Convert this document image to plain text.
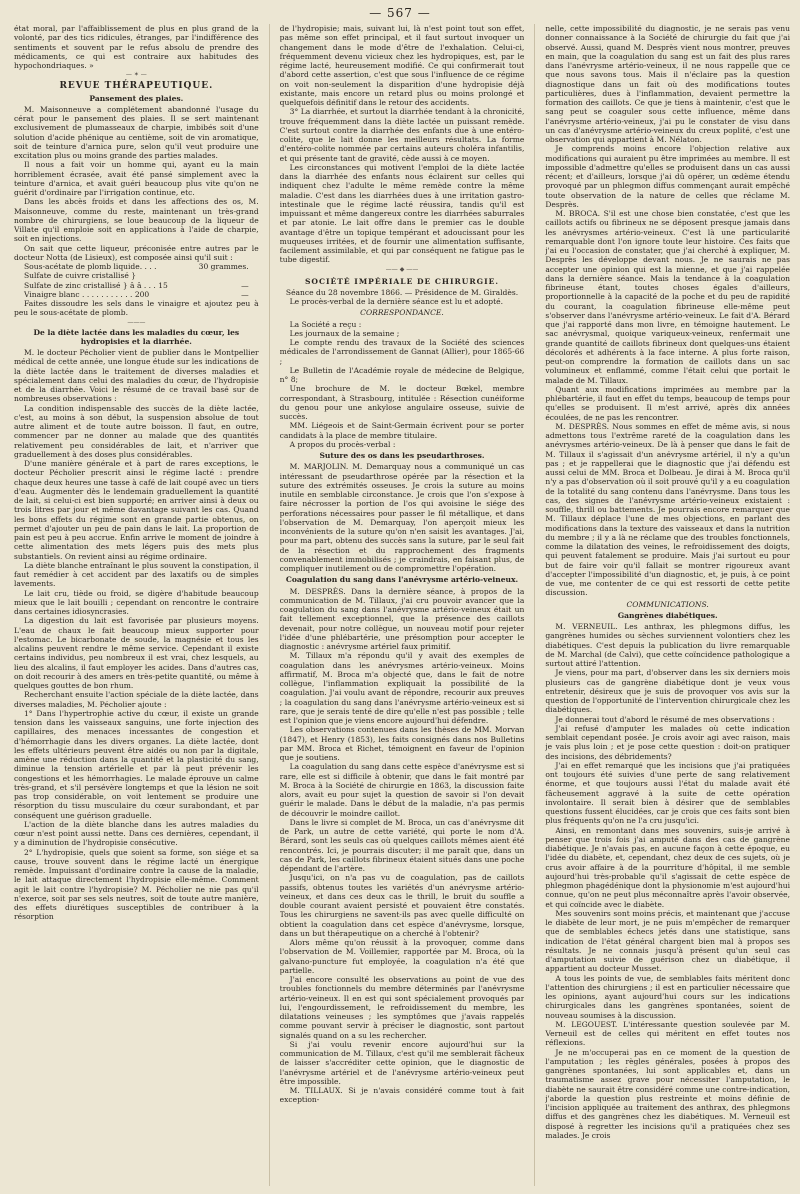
— 567 —

état moral, par l'affaiblissement de plus en plus grand de la volonté, par des tics ridicules, étranges, par l'indifférence des sentiments et souvent par le refus absolu de prendre des médicaments, ce qui est contraire aux habitudes des hypochondriaques. »

— ✶ —
REVUE THÉRAPEUTIQUE.
Pansement des plaies.

M. Maisonneuve a complétement abandonné l'usage du cérat pour le pansement des plaies. Il se sert maintenant exclusivement de plumasseaux de charpie, imbibés soit d'une solution d'acide phénique au centième, soit de vin aromatique, soit de teinture d'arnica pure, selon qu'il veut produire une excitation plus ou moins grande des parties malades.

Il nous a fait voir un homme qui, ayant eu la main horriblement écrasée, avait été pansé simplement avec la teinture d'arnica, et avait guéri beaucoup plus vite qu'on ne guérit d'ordinaire par l'irrigation continue, etc.

Dans les abcès froids et dans les affections des os, M. Maisonneuve, comme du reste, maintenant un très-grand nombre de chirurgiens, se loue beaucoup de la liqueur de Villate qu'il emploie soit en applications à l'aide de charpie, soit en injections.

On sait que cette liqueur, préconisée entre autres par le docteur Notta (de Lisieux), est composée ainsi qu'il suit :

Sous-acétate de plomb liquide. . . .	30 grammes.
Sulfate de cuivre cristallisé }
Sulfate de zinc cristallisé } â â . . . 15	—
Vinaigre blanc . . . . . . . . . . . 200	—

Faites dissoudre les sels dans le vinaigre et ajoutez peu à peu le sous-acétate de plomb.

———
De la diète lactée dans les maladies du cœur, les hydropisies et la diarrhée.

M. le docteur Pécholier vient de publier dans le Montpellier médical de cette année, une longue étude sur les indications de la diète lactée dans le traitement de diverses maladies et spécialement dans celui des maladies du cœur, de l'hydropisie et de la diarrhée. Voici le résumé de ce travail basé sur de nombreuses observations :

La condition indispensable des succès de la diète lactée, c'est, au moins à son début, la suspension absolue de tout autre aliment et de toute autre boisson. Il faut, en outre, commencer par ne donner au malade que des quantités relativement peu considérables de lait, et n'arriver que graduellement à des doses plus considérables.

D'une manière générale et à part de rares exceptions, le docteur Pécholier prescrit ainsi le régime lacté : prendre chaque deux heures une tasse à café de lait coupé avec un tiers d'eau. Augmenter dès le lendemain graduellement la quantité de lait, si celui-ci est bien supporté; en arriver ainsi à deux ou trois litres par jour et même davantage suivant les cas. Quand les bons effets du régime sont en grande partie obtenus, on permet d'ajouter un peu de pain dans le lait. La proportion de pain est peu à peu accrue. Enfin arrive le moment de joindre à cette alimentation des mets légers puis des mets plus substantiels. On revient ainsi au régime ordinaire.

La diète blanche entraînant le plus souvent la constipation, il faut remédier à cet accident par des laxatifs ou de simples lavements.

Le lait cru, tiède ou froid, se digère d'habitude beaucoup mieux que le lait bouilli ; cependant on rencontre le contraire dans certaines idiosyncrasies.

La digestion du lait est favorisée par plusieurs moyens. L'eau de chaux le fait beaucoup mieux supporter pour l'estomac. Le bicarbonate de soude, la magnésie et tous les alcalins peuvent rendre le même service. Cependant il existe certains individus, peu nombreux il est vrai, chez lesquels, au lieu des alcalins, il faut employer les acides. Dans d'autres cas, on doit recourir à des amers en très-petite quantité, ou même à quelques gouttes de bon rhum.

Recherchant ensuite l'action spéciale de la diète lactée, dans diverses maladies, M. Pécholier ajoute :

1° Dans l'hypertrophie active du cœur, il existe un grande tension dans les vaisseaux sanguins, une forte injection des capillaires, des menaces incessantes de congestion et d'hémorrhagie dans les divers organes. La diète lactée, dont les effets ultérieurs peuvent être aidés ou non par la digitale, amène une réduction dans la quantité et la plasticité du sang, diminue la tension artérielle et par là peut prévenir les congestions et les hémorrhagies. Le malade éprouve un calme très-grand, et s'il persévère longtemps et que la lésion ne soit pas trop considérable, on voit lentement se produire une résorption du tissu musculaire du cœur surabondant, et par conséquent une guérison graduelle.

L'action de la diète blanche dans les autres maladies du cœur n'est point aussi nette. Dans ces dernières, cependant, il y a diminution de l'hydropisie consécutive.

2° L'hydropisie, quels que soient sa forme, son siége et sa cause, trouve souvent dans le régime lacté un énergique remède. Impuissant d'ordinaire contre la cause de la maladie, le lait attaque directement l'hydropisie elle-même. Comment agit le lait contre l'hydropisie? M. Pécholier ne nie pas qu'il n'exerce, soit par ses sels neutres, soit de toute autre manière, des effets diurétiques susceptibles de contribuer à la résorption

de l'hydropisie; mais, suivant lui, là n'est point tout son effet, pas même son effet principal, et il faut surtout invoquer un changement dans le mode d'être de l'exhalation. Celui-ci, fréquemment devenu vicieux chez les hydropiques, est, par le régime lacté, heureusement modifié. Ce qui confirmerait tout d'abord cette assertion, c'est que sous l'influence de ce régime on voit non-seulement la disparition d'une hydropisie déjà existante, mais encore un retard plus ou moins prolongé et quelquefois définitif dans le retour des accidents.

3° La diarrhée, et surtout la diarrhée tendant à la chronicité, trouve fréquemment dans la diète lactée un puissant remède. C'est surtout contre la diarrhée des enfants due à une entéro-colite, que le lait donne les meilleurs résultats. La forme d'entéro-colite nommée par certains auteurs choléra infantilis, et qui présente tant de gravité, cède aussi à ce moyen.

Les circonstances qui motivent l'emploi de la diète lactée dans la diarrhée des enfants nous éclairent sur celles qui indiquent chez l'adulte le même remède contre la même maladie. C'est dans les diarrhées dues à une irritation gastro-intestinale que le régime lacté réussira, tandis qu'il est impuissant et même dangereux contre les diarrhées saburrales et par atonie. Le lait offre dans le premier cas le double avantage d'être un topique tempérant et adoucissant pour les muqueuses irritées, et de fournir une alimentation suffisante, facilement assimilable, et qui par conséquent ne fatigue pas le tube digestif.

—— ◆ ——
SOCIÉTÉ IMPÉRIALE DE CHIRURGIE.

Séance du 28 novembre 1866. — Présidence de M. Giraldès.

Le procès-verbal de la dernière séance est lu et adopté.

CORRESPONDANCE.

La Société a reçu :

Les journaux de la semaine ;

Le compte rendu des travaux de la Société des sciences médicales de l'arrondissement de Gannat (Allier), pour 1865-66 ;

Le Bulletin de l'Académie royale de médecine de Belgique, n° 8;

Une brochure de M. le docteur Bœkel, membre correspondant, à Strasbourg, intitulée : Résection cunéiforme du genou pour une ankylose angulaire osseuse, suivie de succès.

MM. Liégeois et de Saint-Germain écrivent pour se porter candidats à la place de membre titulaire.

A propos du procès-verbal :

Suture des os dans les pseudarthroses.

M. MARJOLIN. M. Demarquay nous a communiqué un cas intéressant de pseudarthrose opérée par la résection et la suture des extrémités osseuses. Je crois la suture au moins inutile en semblable circonstance. Je crois que l'on s'expose à faire nécrosser la portion de l'os qui avoisine le siége des perforations nécessaires pour passer le fil métallique, et dans l'observation de M. Demarquay, l'on aperçoit mieux les inconvénients de la suture qu'on n'en saisit les avantages. J'ai, pour ma part, obtenu des succès sans la suture, par le seul fait de la résection et du rapprochement des fragments convenablement immobilisés ; je craindrais, en faisant plus, de compliquer inutilement ou de compromettre l'opération.

Coagulation du sang dans l'anévrysme artério-veineux.

M. DESPRÈS. Dans la dernière séance, à propos de la communication de M. Tillaux, j'ai cru pouvoir avancer que la coagulation du sang dans l'anévrysme artério-veineux était un fait tellement exceptionnel, que la présence des caillots devenait, pour notre collègue, un nouveau motif pour rejeter l'idée d'une phlébartérie, une présomption pour accepter le diagnostic : anévrysme artériel faux primitif.

M. Tillaux m'a répondu qu'il y avait des exemples de coagulation dans les anévrysmes artério-veineux. Moins affirmatif, M. Broca m'a objecté que, dans le fait de notre collègue, l'inflammation expliquait la possibilité de la coagulation. J'ai voulu avant de répondre, recourir aux preuves ; la coagulation du sang dans l'anévrysme artério-veineux est si rare, que je serais tenté de dire qu'elle n'est pas possible ; telle est l'opinion que je viens encore aujourd'hui défendre.

Les observations contenues dans les thèses de MM. Morvan (1847), et Henry (1853), les faits consignés dans nos Bulletins par MM. Broca et Richet, témoignent en faveur de l'opinion que je soutiens.

La coagulation du sang dans cette espèce d'anévrysme est si rare, elle est si difficile à obtenir, que dans le fait montré par M. Broca à la Société de chirurgie en 1863, la discussion faite alors, avait eu pour sujet la question de savoir si l'on devait guérir le malade. Dans le début de la maladie, n'a pas permis de découvrir le moindre caillot.

Dans le livre si complet de M. Broca, un cas d'anévrysme dit de Park, un autre de cette variété, qui porte le nom d'A. Bérard, sont les seuls cas où quelques caillots mêmes aient été rencontrés. Ici, je pourrais discuter; il me paraît que, dans un cas de Park, les caillots fibrineux étaient situés dans une poche dépendant de l'artère.

Jusqu'ici, on n'a pas vu de coagulation, pas de caillots passifs, obtenus toutes les variétés d'un anévrysme artério-veineux, et dans ces deux cas le thrill, le bruit du souffle a double courant avaient persisté et pouvaient être constatés. Tous les chirurgiens ne savent-ils pas avec quelle difficulté on obtient la coagulation dans cet espèce d'anévrysme, lorsque, dans un but thérapeutique on a cherché à l'obtenir?

Alors même qu'on réussit à la provoquer, comme dans l'observation de M. Voillemier, rapportée par M. Broca, où la galvano-puncture fut employée, la coagulation n'a été que partielle.

J'ai encore consulté les observations au point de vue des troubles fonctionnels du membre déterminés par l'anévrysme artério-veineux. Il en est qui sont spécialement provoqués par lui, l'engourdissement, le refroidissement du membre, les dilatations veineuses ; les symptômes que j'avais rappelés comme pouvant servir à préciser le diagnostic, sont partout signalés quand on a su les rechercher.

Si j'ai voulu revenir encore aujourd'hui sur la communication de M. Tillaux, c'est qu'il me semblerait fâcheux de laisser s'accréditer cette opinion, que le diagnostic de l'anévrysme artériel et de l'anévrysme artério-veineux peut être impossible.

M. TILLAUX. Si je n'avais considéré comme tout à fait exception-

nelle, cette impossibilité du diagnostic, je ne serais pas venu donner connaissance à la Société de chirurgie du fait que j'ai observé. Aussi, quand M. Desprès vient nous montrer, preuves en main, que la coagulation du sang est un fait des plus rares dans l'anévrysme artério-veineux, il ne nous rappelle que ce que nous savons tous. Mais il n'éclaire pas la question diagnostique dans un fait où des modifications toutes particulières, dues à l'inflammation, devaient permettre la formation des caillots. Ce que je tiens à maintenir, c'est que le sang peut se coaguler sous cette influence, même dans l'anévrysme artério-veineux, j'ai pu le constater de visu dans un cas d'anévrysme artério-veineux du creux poplité, c'est une observation qui appartient à M. Nélaton.

Je comprends moins encore l'objection relative aux modifications qui auraient pu être imprimées au membre. Il est impossible d'admettre qu'elles se produisent dans un cas aussi récent; et d'ailleurs, lorsque j'ai dû opérer, un œdème étendu provoqué par un phlegmon diffus commençant aurait empêché toute observation de la nature de celles que réclame M. Desprès.

M. BROCA. S'il est une chose bien constatée, c'est que les caillots actifs ou fibrineux ne se déposent presque jamais dans les anévrysmes artério-veineux. C'est là une particularité remarquable dont l'on ignore toute leur histoire. Ces faits que j'ai eu l'occasion de constater, que j'ai cherché à expliquer, M. Desprès les développe devant nous. Je ne saurais ne pas accepter une opinion qui est la mienne, et que j'ai rappelée dans la dernière séance. Mais la tendance à la coagulation fibrineuse étant, toutes choses égales d'ailleurs, proportionnelle à la capacité de la poche et du peu de rapidité du courant, la coagulation fibrineuse elle-même peut s'observer dans l'anévrysme artério-veineux. Le fait d'A. Bérard que j'ai rapporté dans mon livre, en témoigne hautement. Le sac anévrysmal, quoique variqueux-veineux, renfermait une grande quantité de caillots fibrineux dont quelques-uns étaient décolorés et adhérents à la face interne. A plus forte raison, peut-on comprendre la formation de caillots dans un sac volumineux et enflammé, comme l'était celui que portait le malade de M. Tillaux.

Quant aux modifications imprimées au membre par la phlébartérie, il faut en effet du temps, beaucoup de temps pour qu'elles se produisent. Il m'est arrivé, après dix années écoulées, de ne pas les rencontrer.

M. DESPRÈS. Nous sommes en effet de même avis, si nous admettons tous l'extrême rareté de la coagulation dans les anévrysmes artério-veineux. De là à penser que dans le fait de M. Tillaux il s'agissait d'un anévrysme artériel, il n'y a qu'un pas ; et je rappellerai que le diagnostic que j'ai défendu est aussi celui de MM. Broca et Dolbeau. Je dirai à M. Broca qu'il n'y a pas d'observation où il soit prouvé qu'il y a eu coagulation de la totalité du sang contenu dans l'anévrysme. Dans tous les cas, des signes de l'anévrysme artério-veineux existaient : souffle, thrill ou battements. Je pourrais encore remarquer que M. Tillaux déplace l'une de mes objections, en parlant des modifications dans la texture des vaisseaux et dans la nutrition du membre ; il y a là ne réclame que des troubles fonctionnels, comme la dilatation des veines, le refroidissement des doigts, qui peuvent fatalement se produire. Mais j'ai surtout eu pour but de faire voir qu'il fallait se montrer rigoureux avant d'accepter l'impossibilité d'un diagnostic, et, je puis, à ce point de vue, me contenter de ce qui est ressorti de cette petite discussion.

COMMUNICATIONS.
Gangrènes diabétiques.

M. VERNEUIL. Les anthrax, les phlegmons diffus, les gangrènes humides ou sèches surviennent volontiers chez les diabétiques. C'est depuis la publication du livre remarquable de M. Marchal (de Calvi), que cette coïncidence pathologique a surtout attiré l'attention.

Je viens, pour ma part, d'observer dans les six derniers mois plusieurs cas de gangrène diabétique dont je veux vous entretenir, désireux que je suis de provoquer vos avis sur la question de l'opportunité de l'intervention chirurgicale chez les diabétiques.

Je donnerai tout d'abord le résumé de mes observations :

J'ai refusé d'amputer les malades où cette indication semblait cependant posée. Je crois avoir agi avec raison, mais je vais plus loin ; et je pose cette question : doit-on pratiquer des incisions, des débridements?

J'ai en effet remarqué que les incisions que j'ai pratiquées ont toujours été suivies d'une perte de sang relativement énorme, et que toujours aussi l'état du malade avait été fâcheusement aggravé à la suite de cette opération involontaire. Il serait bien à désirer que de semblables questions fussent élucidées, car je crois que ces faits sont bien plus fréquents qu'on ne l'a cru jusqu'ici.

Ainsi, en remontant dans mes souvenirs, suis-je arrivé à penser que trois fois j'ai amputé dans des cas de gangrène diabétique. Je n'avais pas, en aucune façon à cette époque, eu l'idée du diabète, et, cependant, chez deux de ces sujets, où je crus avoir affaire à de la pourriture d'hôpital, il me semble aujourd'hui très-probable qu'il s'agissait de cette espèce de phlegmon phagédénique dont la physionomie m'est aujourd'hui connue, qu'on ne peut plus méconnaître après l'avoir observée, et qui coïncide avec le diabète.

Mes souvenirs sont moins précis, et maintenant que j'accuse le diabète de leur mort, je ne puis m'empêcher de remarquer que de semblables échecs jetés dans une statistique, sans indication de l'état général chargent bien mal à propos ses résultats. Je ne connais jusqu'à présent qu'un seul cas d'amputation suivie de guérison chez un diabétique, il appartient au docteur Musset.

A tous les points de vue, de semblables faits méritent donc l'attention des chirurgiens ; il est en particulier nécessaire que les opinions, ayant aujourd'hui cours sur les indications chirurgicales dans les gangrènes spontanées, soient de nouveau soumises à la discussion.

M. LEGOUEST. L'intéressante question soulevée par M. Verneuil est de celles qui méritent en effet toutes nos réflexions.

Je ne m'occuperai pas en ce moment de la question de l'amputation ; les règles générales, posées à propos des gangrènes spontanées, lui sont applicables et, dans un traumatisme assez grave pour nécessiter l'amputation, le diabète ne saurait être considéré comme une contre-indication, j'aborde la question plus restreinte et moins définie de l'incision appliquée au traitement des anthrax, des phlegmons diffus et des gangrènes chez les diabétiques. M. Verneuil est disposé à regretter les incisions qu'il a pratiquées chez ses malades. Je crois
